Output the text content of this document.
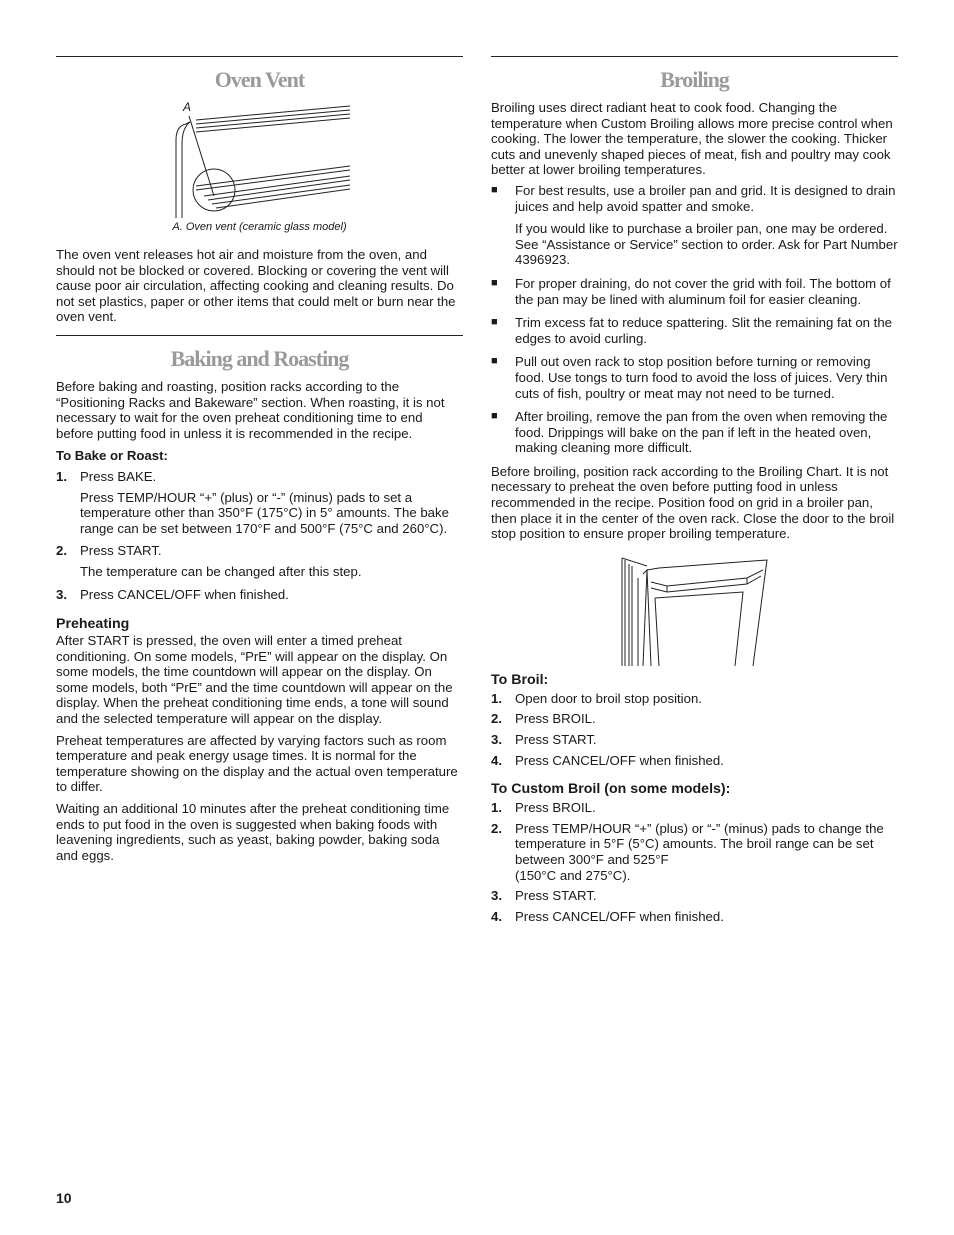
Oven Vent
A
A. Oven vent (ceramic glass model)

The oven vent releases hot air and moisture from the oven, and should not be blocked or covered. Blocking or covering the vent will cause poor air circulation, affecting cooking and cleaning results. Do not set plastics, paper or other items that could melt or burn near the oven vent.

Baking and Roasting

Before baking and roasting, position racks according to the “Positioning Racks and Bakeware” section. When roasting, it is not necessary to wait for the oven preheat conditioning time to end before putting food in unless it is recommended in the recipe.

To Bake or Roast:
1. Press BAKE.

Press TEMP/HOUR “+” (plus) or “-” (minus) pads to set a temperature other than 350°F (175°C) in 5° amounts. The bake range can be set between 170°F and 500°F (75°C and 260°C).

2. Press START.

The temperature can be changed after this step.

3. Press CANCEL/OFF when finished.
Preheating

After START is pressed, the oven will enter a timed preheat conditioning. On some models, “PrE” will appear on the display. On some models, the time countdown will appear on the display. On some models, both “PrE” and the time countdown will appear on the display. When the preheat conditioning time ends, a tone will sound and the selected temperature will appear on the display.

Preheat temperatures are affected by varying factors such as room temperature and peak energy usage times. It is normal for the temperature showing on the display and the actual oven temperature to differ.

Waiting an additional 10 minutes after the preheat conditioning time ends to put food in the oven is suggested when baking foods with leavening ingredients, such as yeast, baking powder, baking soda and eggs.

Broiling

Broiling uses direct radiant heat to cook food. Changing the temperature when Custom Broiling allows more precise control when cooking. The lower the temperature, the slower the cooking. Thicker cuts and unevenly shaped pieces of meat, fish and poultry may cook better at lower broiling temperatures.

■	For best results, use a broiler pan and grid. It is designed to drain juices and help avoid spatter and smoke.

If you would like to purchase a broiler pan, one may be ordered. See “Assistance or Service” section to order. Ask for Part Number 4396923.

■	For proper draining, do not cover the grid with foil. The bottom of the pan may be lined with aluminum foil for easier cleaning.
■	Trim excess fat to reduce spattering. Slit the remaining fat on the edges to avoid curling.
■	Pull out oven rack to stop position before turning or removing food. Use tongs to turn food to avoid the loss of juices. Very thin cuts of fish, poultry or meat may not need to be turned.
■	After broiling, remove the pan from the oven when removing the food. Drippings will bake on the pan if left in the heated oven, making cleaning more difficult.

Before broiling, position rack according to the Broiling Chart. It is not necessary to preheat the oven before putting food in unless recommended in the recipe. Position food on grid in a broiler pan, then place it in the center of the oven rack. Close the door to the broil stop position to ensure proper broiling temperature.

To Broil:
1. Open door to broil stop position.
2. Press BROIL.
3. Press START.
4. Press CANCEL/OFF when finished.
To Custom Broil (on some models):
1. Press BROIL.
2. Press TEMP/HOUR “+” (plus) or “-” (minus) pads to change the temperature in 5°F (5°C) amounts. The broil range can be set between 300°F and 525°F
(150°C and 275°C).
3. Press START.
4. Press CANCEL/OFF when finished.
10
